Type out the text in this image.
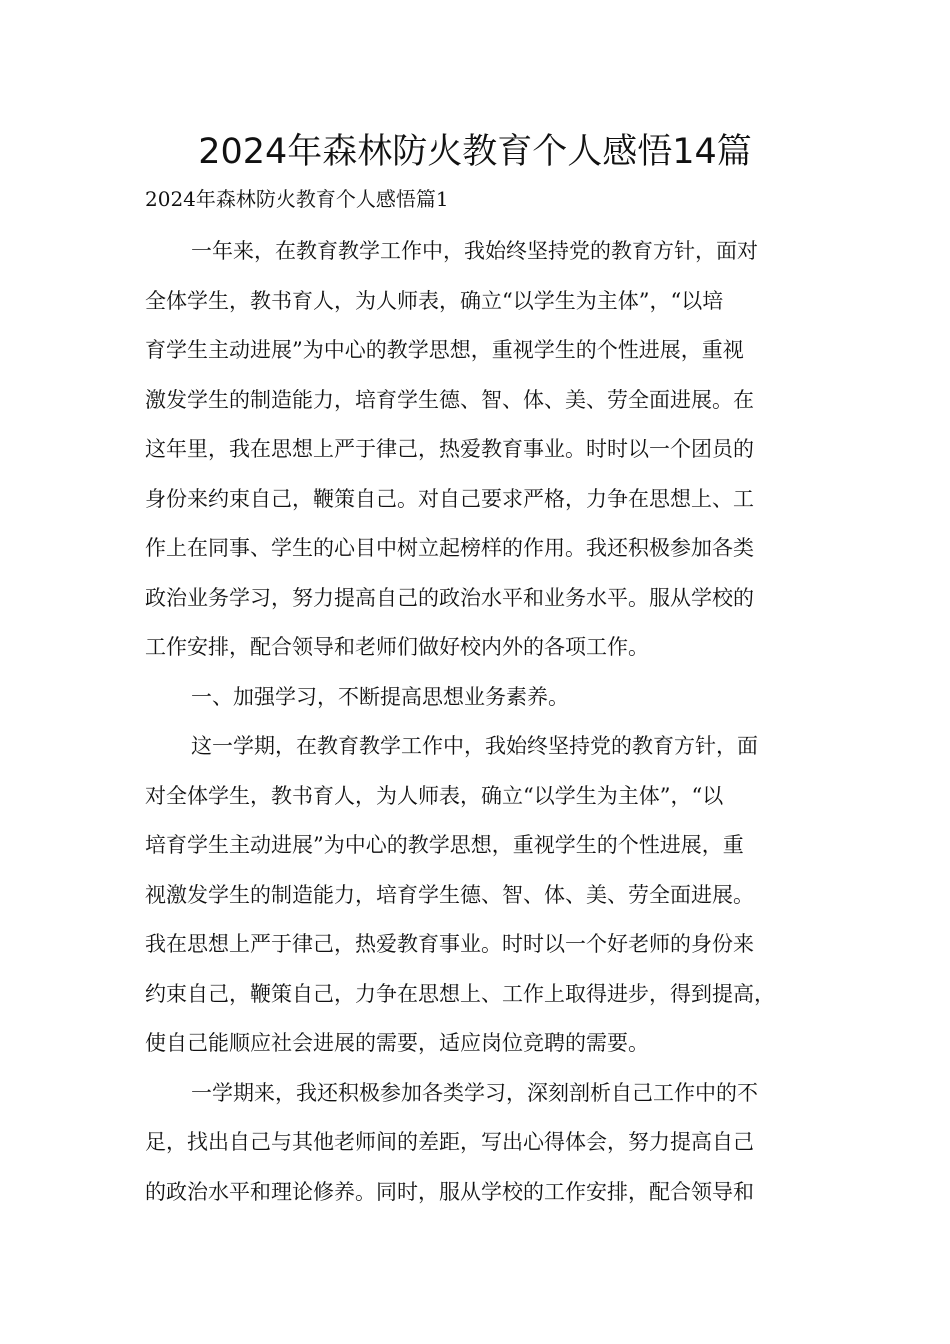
2024年森林防火教育个人感悟14篇

2024年森林防火教育个人感悟篇1

一年来，在教育教学工作中，我始终坚持党的教育方针，面对
全体学生，教书育人，为人师表，确立“以学生为主体”，“以培
育学生主动进展”为中心的教学思想，重视学生的个性进展，重视
激发学生的制造能力，培育学生德、智、体、美、劳全面进展。在
这年里，我在思想上严于律己，热爱教育事业。时时以一个团员的
身份来约束自己，鞭策自己。对自己要求严格，力争在思想上、工
作上在同事、学生的心目中树立起榜样的作用。我还积极参加各类
政治业务学习，努力提高自己的政治水平和业务水平。服从学校的
工作安排，配合领导和老师们做好校内外的各项工作。
一、加强学习，不断提高思想业务素养。
这一学期，在教育教学工作中，我始终坚持党的教育方针，面
对全体学生，教书育人，为人师表，确立“以学生为主体”，“以
培育学生主动进展”为中心的教学思想，重视学生的个性进展，重
视激发学生的制造能力，培育学生德、智、体、美、劳全面进展。
我在思想上严于律己，热爱教育事业。时时以一个好老师的身份来
约束自己，鞭策自己，力争在思想上、工作上取得进步，得到提高，
使自己能顺应社会进展的需要，适应岗位竞聘的需要。
一学期来，我还积极参加各类学习，深刻剖析自己工作中的不
足，找出自己与其他老师间的差距，写出心得体会，努力提高自己
的政治水平和理论修养。同时，服从学校的工作安排，配合领导和
